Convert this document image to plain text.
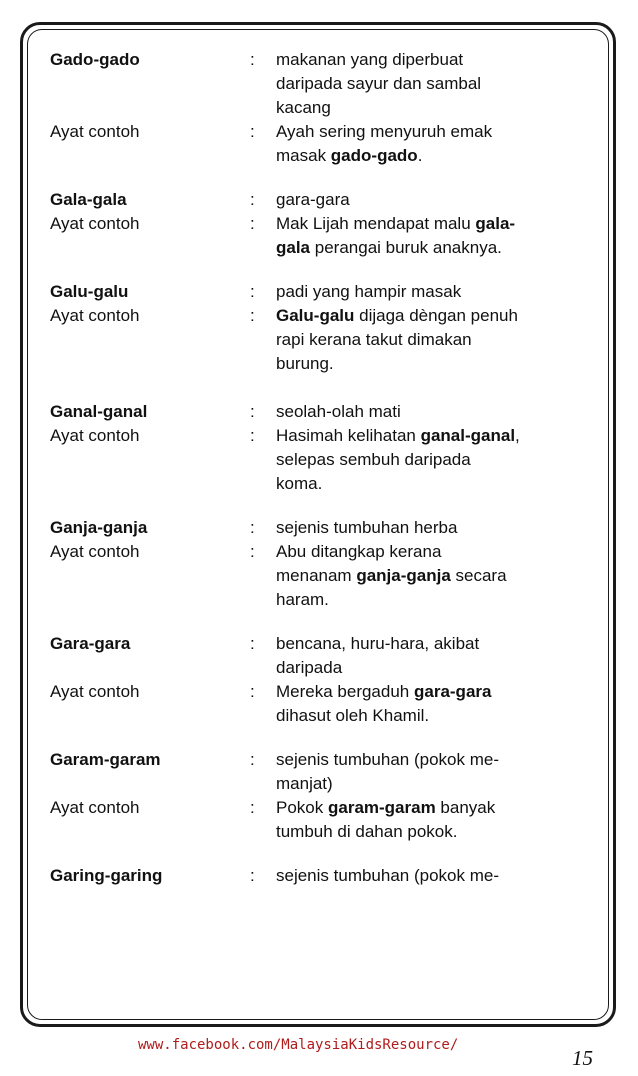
Gado-gado	:	makanan yang diperbuat
daripada sayur dan sambal
kacang
Ayat contoh	:	Ayah sering menyuruh emak
masak gado-gado.
Gala-gala	:	gara-gara
Ayat contoh	:	Mak Lijah mendapat malu gala-
gala perangai buruk anaknya.
Galu-galu	:	padi yang hampir masak
Ayat contoh	:	Galu-galu dijaga dèngan penuh
rapi kerana takut dimakan
burung.
Ganal-ganal	:	seolah-olah mati
Ayat contoh	:	Hasimah kelihatan ganal-ganal,
selepas sembuh daripada
koma.
Ganja-ganja	:	sejenis tumbuhan herba
Ayat contoh	:	Abu ditangkap kerana
menanam ganja-ganja secara
haram.
Gara-gara	:	bencana, huru-hara, akibat
daripada
Ayat contoh	:	Mereka bergaduh gara-gara
dihasut oleh Khamil.
Garam-garam	:	sejenis tumbuhan (pokok me-
manjat)
Ayat contoh	:	Pokok garam-garam banyak
tumbuh di dahan pokok.
Garing-garing	:	sejenis tumbuhan (pokok me-
www.facebook.com/MalaysiaKidsResource/
15
